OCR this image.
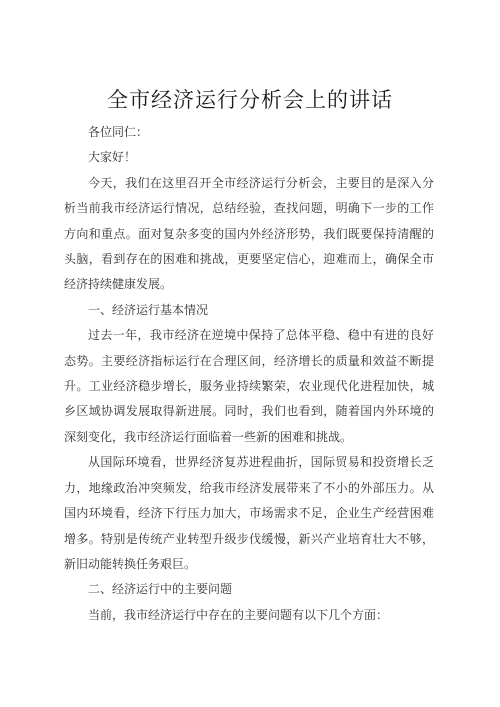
全市经济运行分析会上的讲话

各位同仁：

大家好！

今天，我们在这里召开全市经济运行分析会，主要目的是深入分析当前我市经济运行情况，总结经验，查找问题，明确下一步的工作方向和重点。面对复杂多变的国内外经济形势，我们既要保持清醒的头脑，看到存在的困难和挑战，更要坚定信心，迎难而上，确保全市经济持续健康发展。

一、经济运行基本情况

过去一年，我市经济在逆境中保持了总体平稳、稳中有进的良好态势。主要经济指标运行在合理区间，经济增长的质量和效益不断提升。工业经济稳步增长，服务业持续繁荣，农业现代化进程加快，城乡区域协调发展取得新进展。同时，我们也看到，随着国内外环境的深刻变化，我市经济运行面临着一些新的困难和挑战。

从国际环境看，世界经济复苏进程曲折，国际贸易和投资增长乏力，地缘政治冲突频发，给我市经济发展带来了不小的外部压力。从国内环境看，经济下行压力加大，市场需求不足，企业生产经营困难增多。特别是传统产业转型升级步伐缓慢，新兴产业培育壮大不够，新旧动能转换任务艰巨。

二、经济运行中的主要问题

当前，我市经济运行中存在的主要问题有以下几个方面：
